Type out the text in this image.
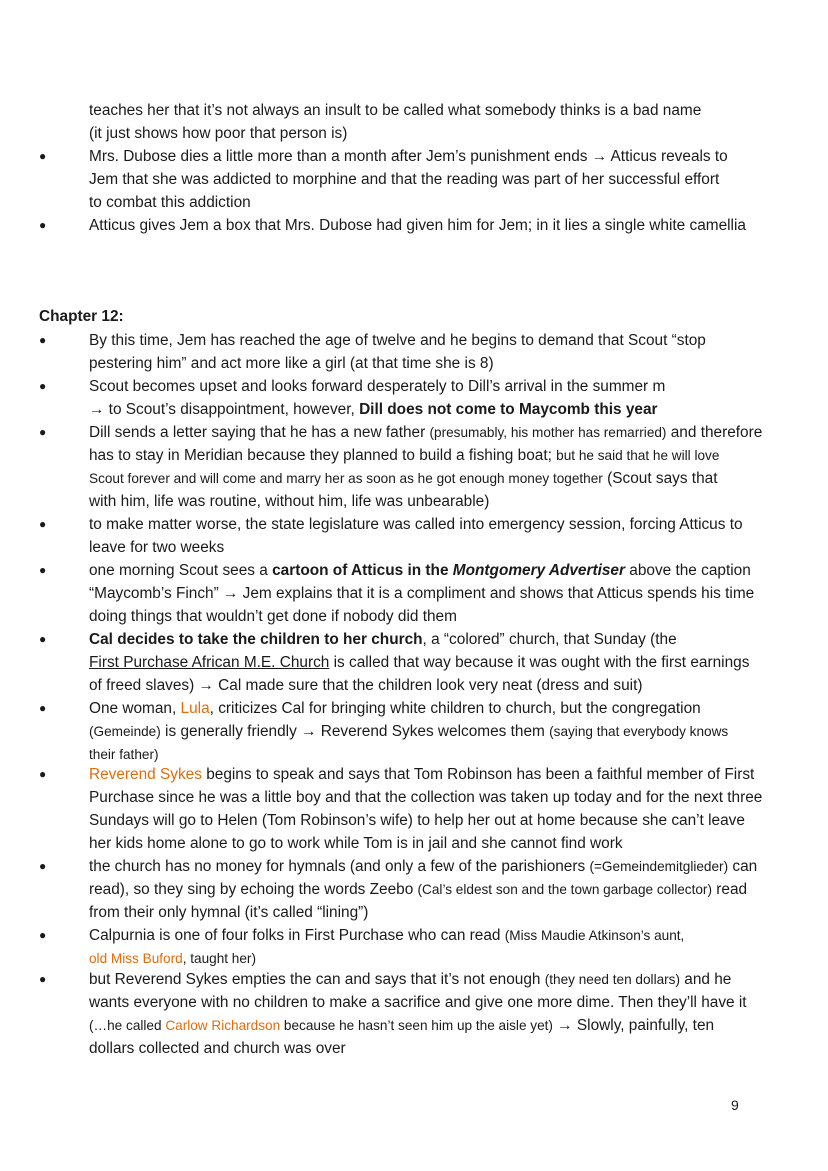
teaches her that it’s not always an insult to be called what somebody thinks is a bad name
(it just shows how poor that person is)
●	Mrs. Dubose dies a little more than a month after Jem’s punishment ends → Atticus reveals to
Jem that she was addicted to morphine and that the reading was part of her successful effort
to combat this addiction
●	Atticus gives Jem a box that Mrs. Dubose had given him for Jem; in it lies a single white camellia
Chapter 12:
●	By this time, Jem has reached the age of twelve and he begins to demand that Scout “stop
pestering him” and act more like a girl (at that time she is 8)
●	Scout becomes upset and looks forward desperately to Dill’s arrival in the summer m
→ to Scout’s disappointment, however, Dill does not come to Maycomb this year
●	Dill sends a letter saying that he has a new father (presumably, his mother has remarried) and therefore
has to stay in Meridian because they planned to build a fishing boat; but he said that he will love
Scout forever and will come and marry her as soon as he got enough money together (Scout says that
with him, life was routine, without him, life was unbearable)
●	to make matter worse, the state legislature was called into emergency session, forcing Atticus to
leave for two weeks
●	one morning Scout sees a cartoon of Atticus in the Montgomery Advertiser above the caption
“Maycomb’s Finch” → Jem explains that it is a compliment and shows that Atticus spends his time
doing things that wouldn’t get done if nobody did them
●	Cal decides to take the children to her church, a “colored” church, that Sunday (the
First Purchase African M.E. Church is called that way because it was ought with the first earnings
of freed slaves) → Cal made sure that the children look very neat (dress and suit)
●	One woman, Lula, criticizes Cal for bringing white children to church, but the congregation
(Gemeinde) is generally friendly → Reverend Sykes welcomes them (saying that everybody knows
their father)
●	Reverend Sykes begins to speak and says that Tom Robinson has been a faithful member of First
Purchase since he was a little boy and that the collection was taken up today and for the next three
Sundays will go to Helen (Tom Robinson’s wife) to help her out at home because she can’t leave
her kids home alone to go to work while Tom is in jail and she cannot find work
●	the church has no money for hymnals (and only a few of the parishioners (=Gemeindemitglieder) can
read), so they sing by echoing the words Zeebo (Cal’s eldest son and the town garbage collector) read
from their only hymnal (it’s called “lining”)
●	Calpurnia is one of four folks in First Purchase who can read (Miss Maudie Atkinson’s aunt,
old Miss Buford, taught her)
●	but Reverend Sykes empties the can and says that it’s not enough (they need ten dollars) and he
wants everyone with no children to make a sacrifice and give one more dime. Then they’ll have it
(…he called Carlow Richardson because he hasn’t seen him up the aisle yet) → Slowly, painfully, ten
dollars collected and church was over
9
